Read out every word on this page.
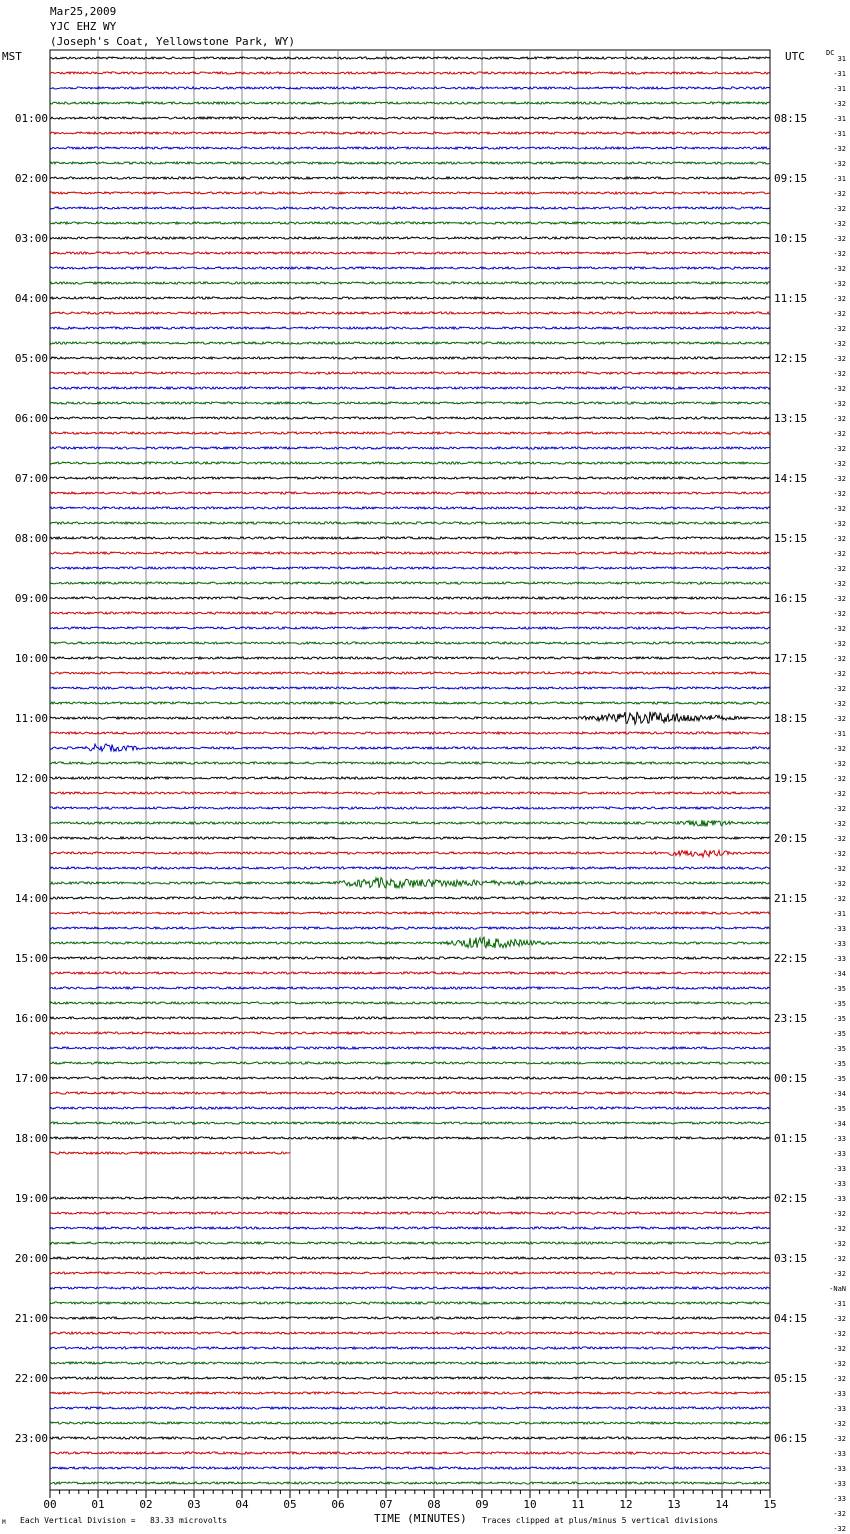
00	01	02	03	04	05	06	07	08	09	10	11	12	13	14	15
01:00
02:00
03:00
04:00
05:00
06:00
07:00
08:00
09:00
10:00
11:00
12:00
13:00
14:00
15:00
16:00
17:00
18:00
19:00
20:00
21:00
22:00
23:00
08:15
09:15
10:15
11:15
12:15
13:15
14:15
15:15
16:15
17:15
18:15
19:15
20:15
21:15
22:15
23:15
00:15
01:15
02:15
03:15
04:15
05:15
06:15
31
-31
-31
-32
-31
-31
-32
-32
-31
-32
-32
-32
-32
-32
-32
-32
-32
-32
-32
-32
-32
-32
-32
-32
-32
-32
-32
-32
-32
-32
-32
-32
-32
-32
-32
-32
-32
-32
-32
-32
-32
-32
-32
-32
-32
-31
-32
-32
-32
-32
-32
-32
-32
-32
-32
-32
-32
-31
-33
-33
-33
-34
-35
-35
-35
-35
-35
-35
-35
-34
-35
-34
-33
-33
-33
-33
-33
-32
-32
-32
-32
-32
-NaN
-31
-32
-32
-32
-32
-32
-33
-33
-32
-32
-33
-33
-33
-33
-32
-32
Mar25,2009
YJC EHZ WY
(Joseph's Coat, Yellowstone Park, WY)
MST	UTC	DC
M Each Vertical Division =   83.33 microvolts	TIME (MINUTES) Traces clipped at plus/minus 5 vertical divisions
